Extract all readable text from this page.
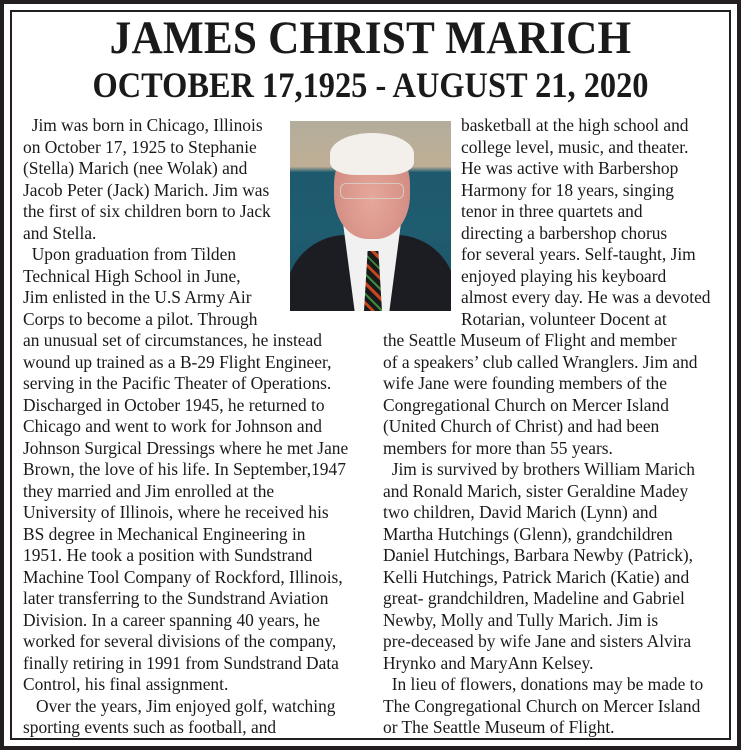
JAMES CHRIST MARICH
OCTOBER 17,1925 - AUGUST 21, 2020
Jim was born in Chicago, Illinois
on October 17, 1925 to Stephanie
(Stella) Marich (nee Wolak) and
Jacob Peter (Jack) Marich. Jim was
the first of six children born to Jack
and Stella.
Upon graduation from Tilden
Technical High School in June,
Jim enlisted in the U.S Army Air
Corps to become a pilot. Through
an unusual set of circumstances, he instead
wound up trained as a B-29 Flight Engineer,
serving in the Pacific Theater of Operations.
Discharged in October 1945, he returned to
Chicago and went to work for Johnson and
Johnson Surgical Dressings where he met Jane
Brown, the love of his life. In September,1947
they married and Jim enrolled at the
University of Illinois, where he received his
BS degree in Mechanical Engineering in
1951. He took a position with Sundstrand
Machine Tool Company of Rockford, Illinois,
later transferring to the Sundstrand Aviation
Division. In a career spanning 40 years, he
worked for several divisions of the company,
finally retiring in 1991 from Sundstrand Data
Control, his final assignment.
Over the years, Jim enjoyed golf, watching
sporting events such as football, and
basketball at the high school and
college level, music, and theater.
He was active with Barbershop
Harmony for 18 years, singing
tenor in three quartets and
directing a barbershop chorus
for several years. Self-taught, Jim
enjoyed playing his keyboard
almost every day. He was a devoted
Rotarian, volunteer Docent at
the Seattle Museum of Flight and member
of a speakers’ club called Wranglers. Jim and
wife Jane were founding members of the
Congregational Church on Mercer Island
(United Church of Christ) and had been
members for more than 55 years.
Jim is survived by brothers William Marich
and Ronald Marich, sister Geraldine Madey
two children, David Marich (Lynn) and
Martha Hutchings (Glenn), grandchildren
Daniel Hutchings, Barbara Newby (Patrick),
Kelli Hutchings, Patrick Marich (Katie) and
great- grandchildren, Madeline and Gabriel
Newby, Molly and Tully Marich. Jim is
pre-deceased by wife Jane and sisters Alvira
Hrynko and MaryAnn Kelsey.
In lieu of flowers, donations may be made to
The Congregational Church on Mercer Island
or The Seattle Museum of Flight.
